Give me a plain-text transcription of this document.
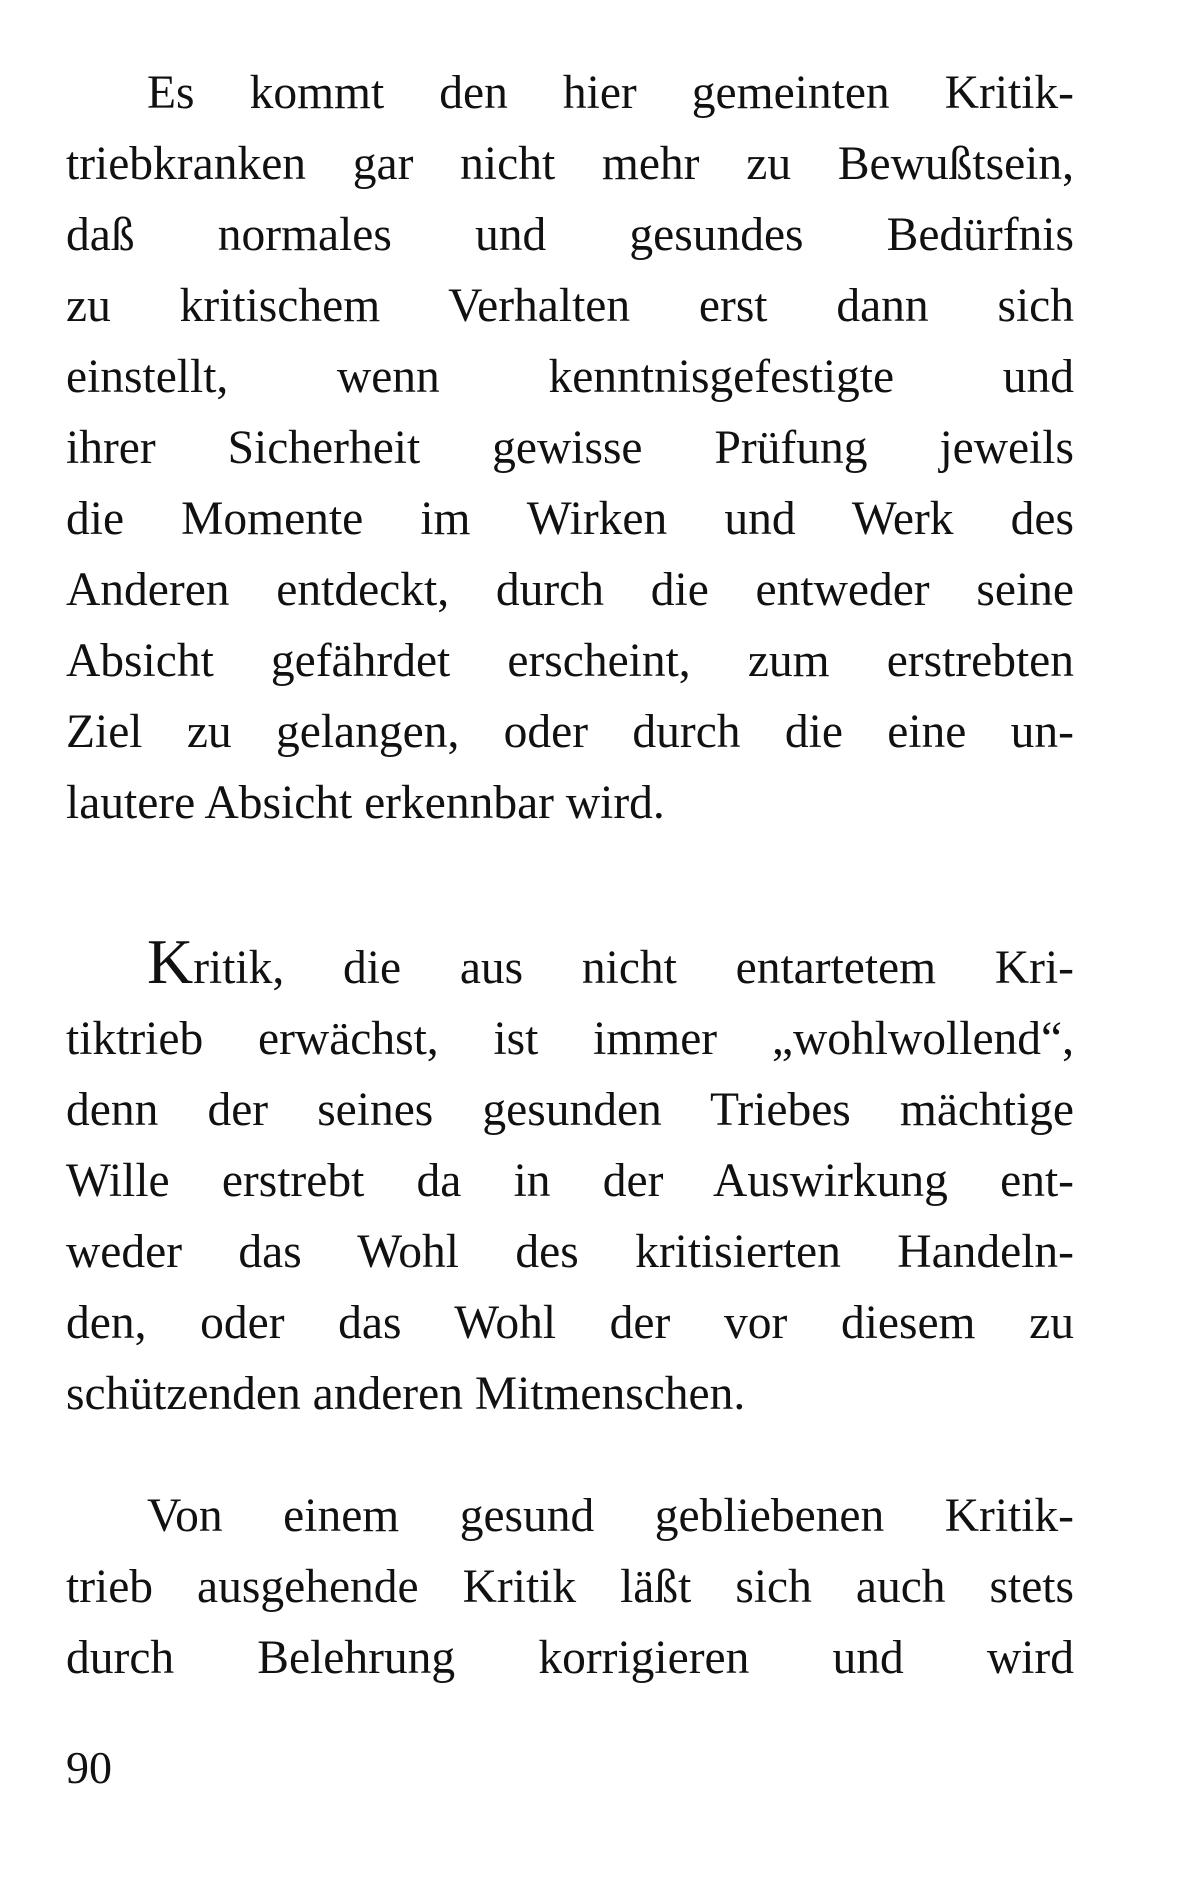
Es kommt den hier gemeinten Kritik-
triebkranken gar nicht mehr zu Bewußtsein,
daß normales und gesundes Bedürfnis
zu kritischem Verhalten erst dann sich
einstellt, wenn kenntnisgefestigte und
ihrer Sicherheit gewisse Prüfung jeweils
die Momente im Wirken und Werk des
Anderen entdeckt, durch die entweder seine
Absicht gefährdet erscheint, zum erstrebten
Ziel zu gelangen, oder durch die eine un-
lautere Absicht erkennbar wird.

Kritik, die aus nicht entartetem Kri-
tiktrieb erwächst, ist immer „wohlwollend“,
denn der seines gesunden Triebes mächtige
Wille erstrebt da in der Auswirkung ent-
weder das Wohl des kritisierten Handeln-
den, oder das Wohl der vor diesem zu
schützenden anderen Mitmenschen.

Von einem gesund gebliebenen Kritik-
trieb ausgehende Kritik läßt sich auch stets
durch Belehrung korrigieren und wird

90
